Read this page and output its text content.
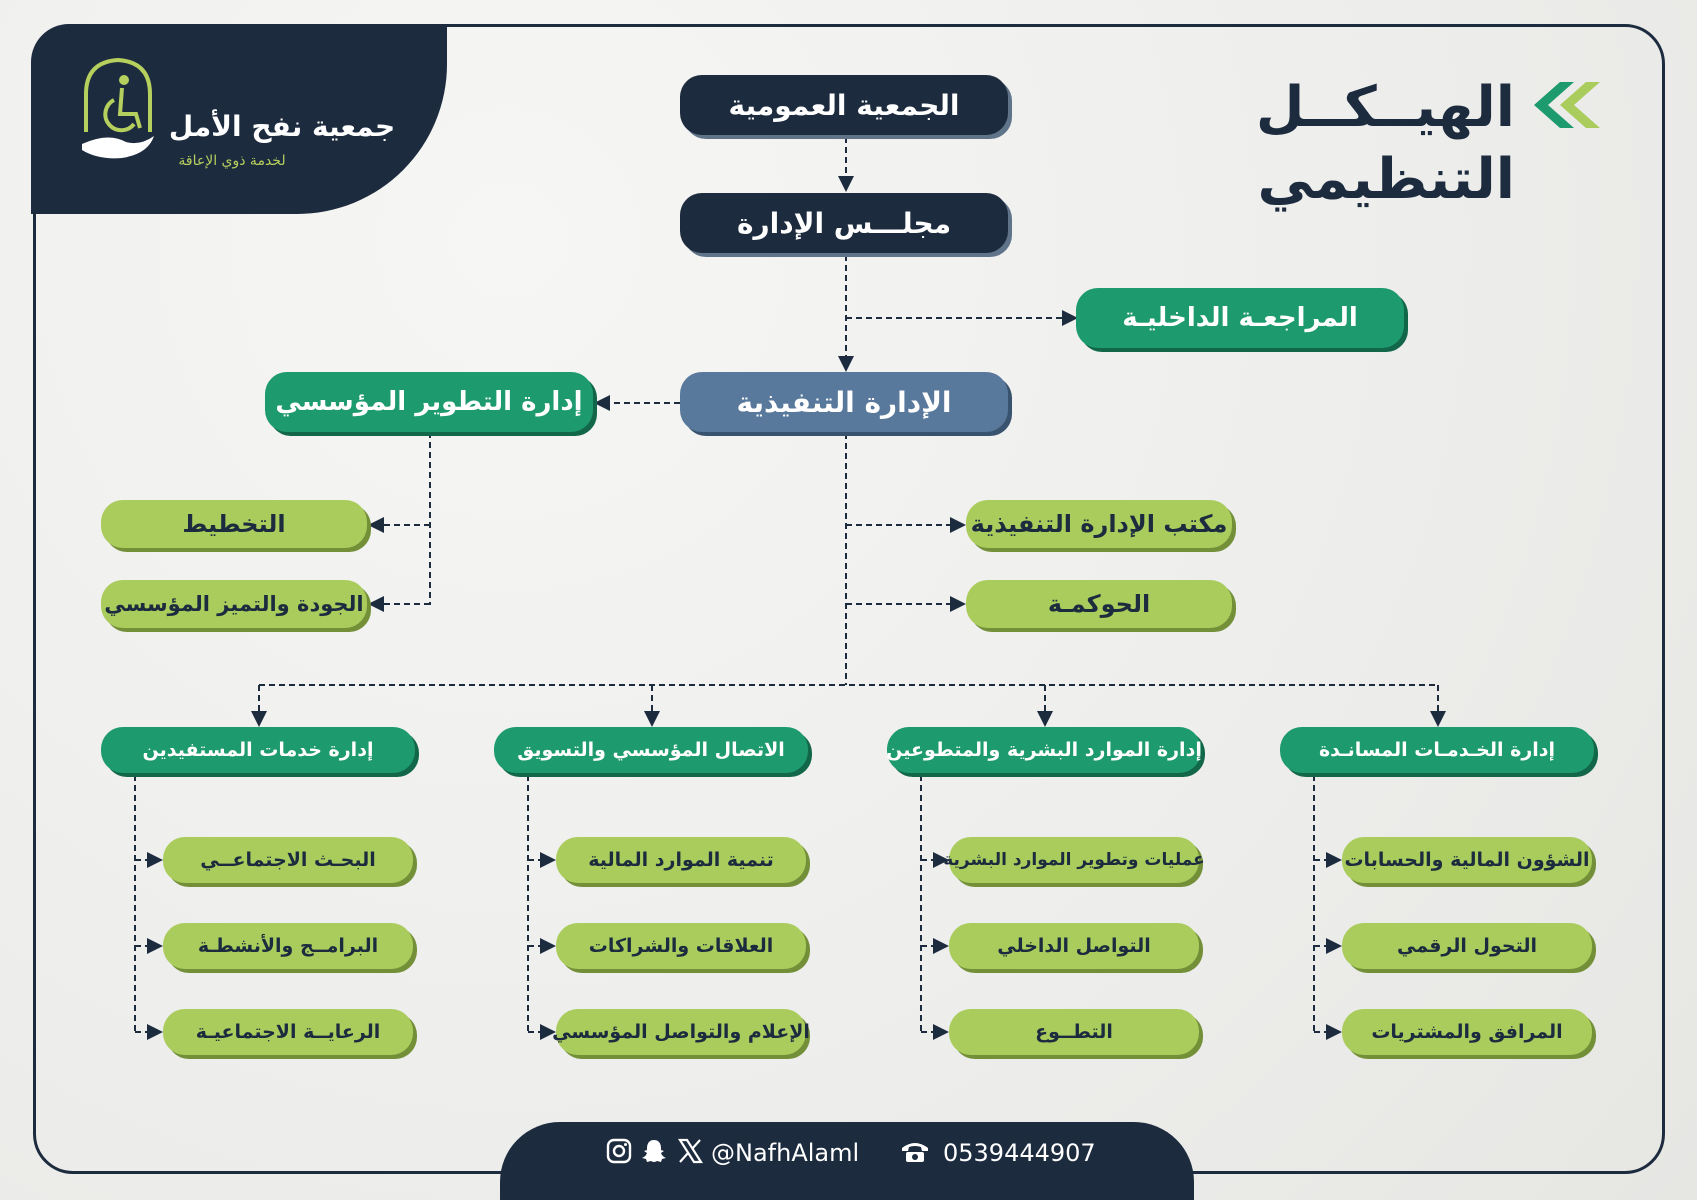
جمعية نفح الأمل
لخدمة ذوي الإعاقة
الهيــكــل
التنظيمي
الجمعية العمومية
مجلـــس الإدارة
المراجعـة الداخليـة
الإدارة التنفيذية
إدارة التطوير المؤسسي
التخطيط
الجودة والتميز المؤسسي
مكتب الإدارة التنفيذية
الحوكمـة
إدارة خدمات المستفيدين
البحـث الاجتماعــي
البرامــج والأنشطـة
الرعايــة الاجتماعيـة
الاتصال المؤسسي والتسويق
تنمية الموارد المالية
العلاقات والشراكات
الإعلام والتواصل المؤسسي
إدارة الموارد البشرية والمتطوعين
عمليات وتطوير الموارد البشرية
التواصل الداخلي
التطــوع
إدارة الخـدمـات المسانـدة
الشؤون المالية والحسابات
التحول الرقمي
المرافق والمشتريات
@NafhAlaml	0539444907
